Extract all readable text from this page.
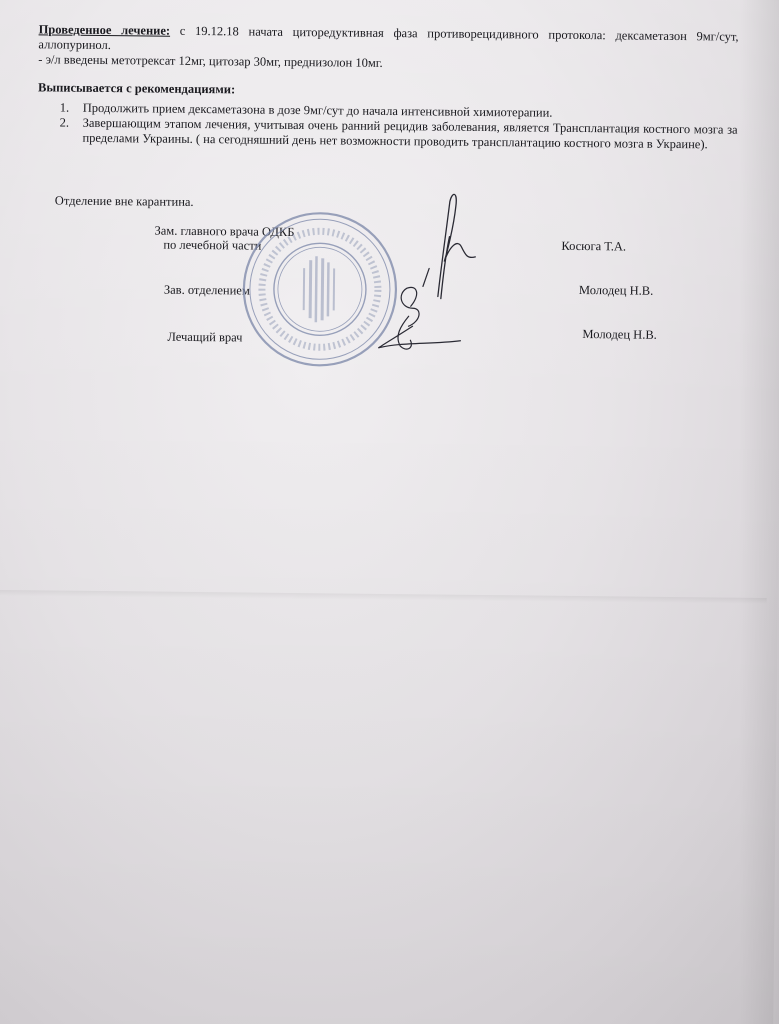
Проведенное лечение: с 19.12.18 начата циторедуктивная фаза противорецидивного протокола: дексаметазон 9мг/сут, аллопуринол.
- э/л введены метотрексат 12мг, цитозар 30мг, преднизолон 10мг.
Выписывается с рекомендациями:
1. Продолжить прием дексаметазона в дозе 9мг/сут до начала интенсивной химиотерапии.
2. Завершающим этапом лечения, учитывая очень ранний рецидив заболевания, является Трансплантация костного мозга за пределами Украины. ( на сегодняшний день нет возможности проводить трансплантацию костного мозга в Украине).
Отделение вне карантина.
Зам. главного врача ОДКБ
по лечебной части	Косюга Т.А.
Зав. отделением	Молодец Н.В.
Лечащий врач	Молодец Н.В.
